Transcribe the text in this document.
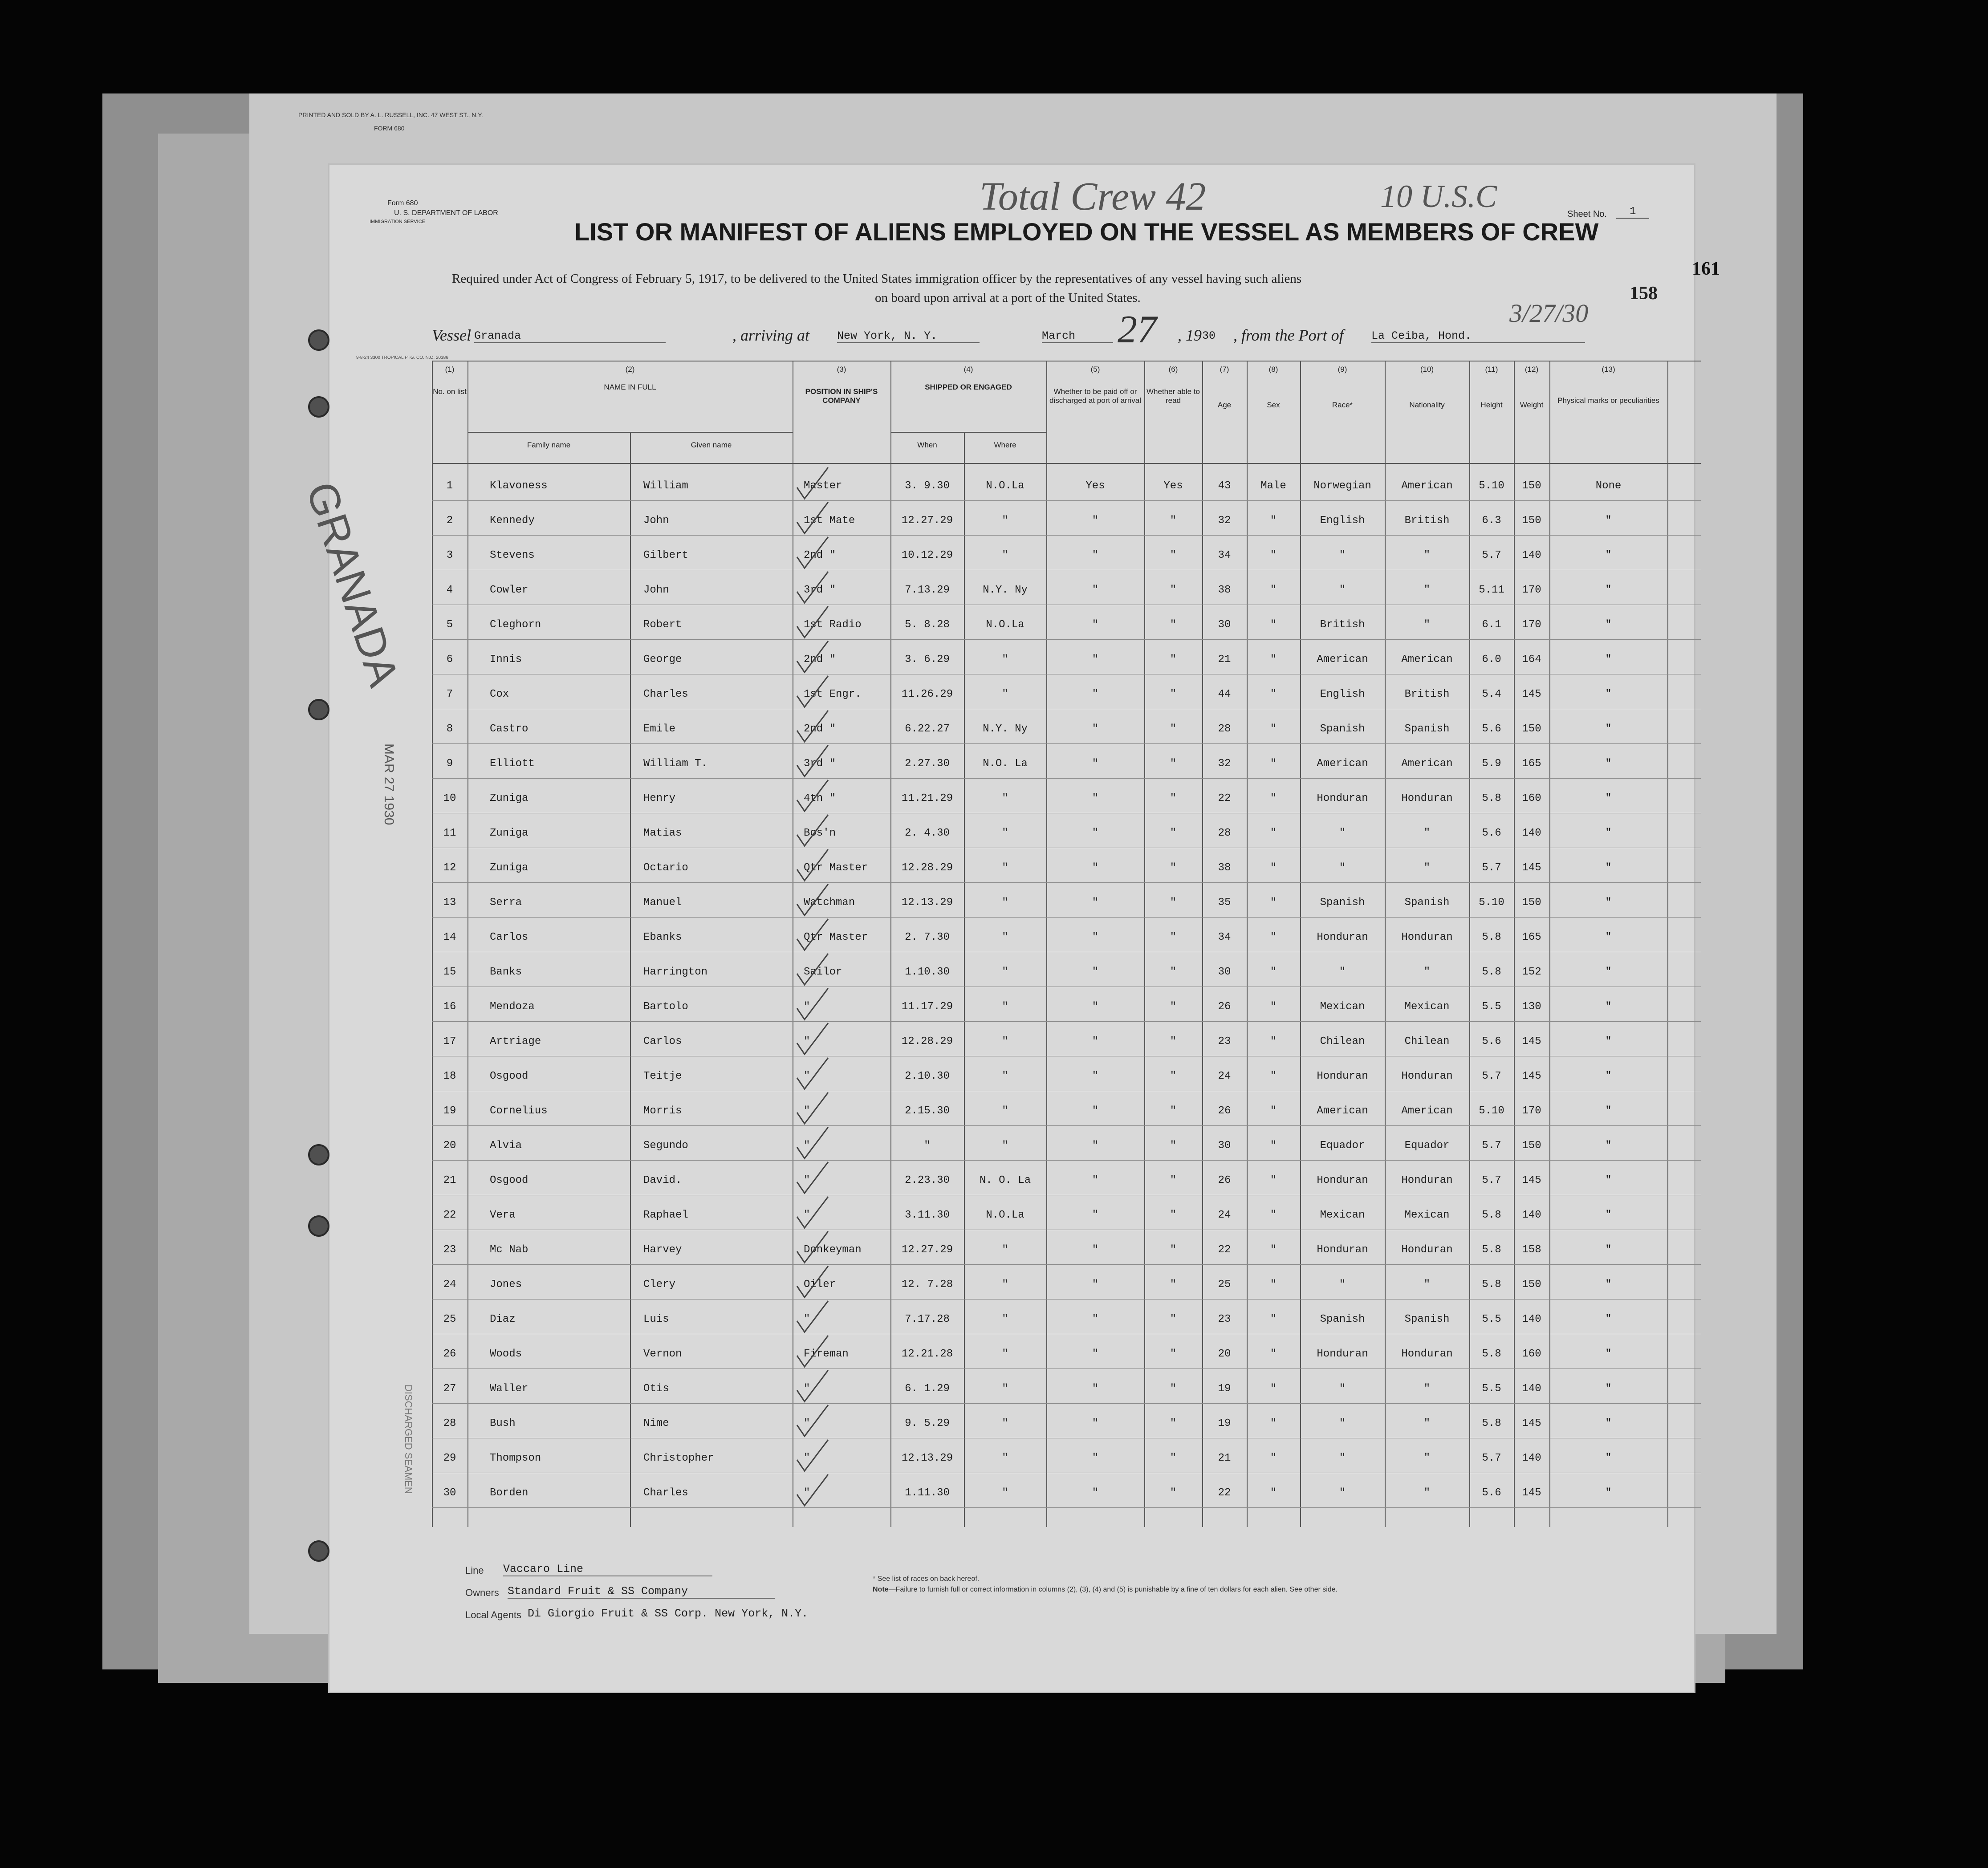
PRINTED AND SOLD BY A. L. RUSSELL, INC. 47 WEST ST., N.Y.
FORM 680
Form 680
U. S. DEPARTMENT OF LABOR
IMMIGRATION SERVICE
Total Crew 42	10 U.S.C	Sheet No.	1
LIST OR MANIFEST OF ALIENS EMPLOYED ON THE VESSEL AS MEMBERS OF CREW
Required under Act of Congress of February 5, 1917, to be delivered to the United States immigration officer by the representatives of any vessel having such aliens
on board upon arrival at a port of the United States.	158
161
3/27/30
Vessel Granada	, arriving at New York, N. Y.	March	27 , 19 30 , from the Port of La Ceiba, Hond.
9-8-24 3300 TROPICAL PTG. CO. N.O. 20386
GRANADA
MAR 27 1930
DISCHARGED SEAMEN
(1)
No. on list
(2)
NAME IN FULL
Family name	Given name
(3)
POSITION IN SHIP'S COMPANY
(4)
SHIPPED OR ENGAGED
When	Where
(5)
Whether to be paid off or discharged at port of arrival
(6)
Whether able to read
(7)
Age
(8)
Sex
(9)
Race*
(10)
Nationality
(11)
Height
(12)
Weight
(13)
Physical marks or peculiarities
1	Klavoness	William	Master	3. 9.30	N.O.La	Yes	Yes	43	Male	Norwegian	American	5.10	150	None
2	Kennedy	John	1st Mate	12.27.29	"	"	"	32	"	English	British	6.3	150	"
3	Stevens	Gilbert	2nd "	10.12.29	"	"	"	34	"	"	"	5.7	140	"
4	Cowler	John	3rd "	7.13.29	N.Y. Ny	"	"	38	"	"	"	5.11	170	"
5	Cleghorn	Robert	1st Radio	5. 8.28	N.O.La	"	"	30	"	British	"	6.1	170	"
6	Innis	George	2nd "	3. 6.29	"	"	"	21	"	American	American	6.0	164	"
7	Cox	Charles	1st Engr.	11.26.29	"	"	"	44	"	English	British	5.4	145	"
8	Castro	Emile	2nd "	6.22.27	N.Y. Ny	"	"	28	"	Spanish	Spanish	5.6	150	"
9	Elliott	William T.	3rd "	2.27.30	N.O. La	"	"	32	"	American	American	5.9	165	"
10	Zuniga	Henry	4th "	11.21.29	"	"	"	22	"	Honduran	Honduran	5.8	160	"
11	Zuniga	Matias	Bos'n	2. 4.30	"	"	"	28	"	"	"	5.6	140	"
12	Zuniga	Octario	Qtr Master	12.28.29	"	"	"	38	"	"	"	5.7	145	"
13	Serra	Manuel	Watchman	12.13.29	"	"	"	35	"	Spanish	Spanish	5.10	150	"
14	Carlos	Ebanks	Qtr Master	2. 7.30	"	"	"	34	"	Honduran	Honduran	5.8	165	"
15	Banks	Harrington	Sailor	1.10.30	"	"	"	30	"	"	"	5.8	152	"
16	Mendoza	Bartolo	"	11.17.29	"	"	"	26	"	Mexican	Mexican	5.5	130	"
17	Artriage	Carlos	"	12.28.29	"	"	"	23	"	Chilean	Chilean	5.6	145	"
18	Osgood	Teitje	"	2.10.30	"	"	"	24	"	Honduran	Honduran	5.7	145	"
19	Cornelius	Morris	"	2.15.30	"	"	"	26	"	American	American	5.10	170	"
20	Alvia	Segundo	"	"	"	"	"	30	"	Equador	Equador	5.7	150	"
21	Osgood	David.	"	2.23.30	N. O. La	"	"	26	"	Honduran	Honduran	5.7	145	"
22	Vera	Raphael	"	3.11.30	N.O.La	"	"	24	"	Mexican	Mexican	5.8	140	"
23	Mc Nab	Harvey	Donkeyman	12.27.29	"	"	"	22	"	Honduran	Honduran	5.8	158	"
24	Jones	Clery	Oiler	12. 7.28	"	"	"	25	"	"	"	5.8	150	"
25	Diaz	Luis	"	7.17.28	"	"	"	23	"	Spanish	Spanish	5.5	140	"
26	Woods	Vernon	Fireman	12.21.28	"	"	"	20	"	Honduran	Honduran	5.8	160	"
27	Waller	Otis	"	6. 1.29	"	"	"	19	"	"	"	5.5	140	"
28	Bush	Nime	"	9. 5.29	"	"	"	19	"	"	"	5.8	145	"
29	Thompson	Christopher	"	12.13.29	"	"	"	21	"	"	"	5.7	140	"
30	Borden	Charles	"	1.11.30	"	"	"	22	"	"	"	5.6	145	"
Line Vaccaro Line
Owners Standard Fruit & SS Company
Local Agents Di Giorgio Fruit & SS Corp. New York, N.Y.
* See list of races on back hereof.
Note—Failure to furnish full or correct information in columns (2), (3), (4) and (5) is punishable by a fine of ten dollars for each alien. See other side.
